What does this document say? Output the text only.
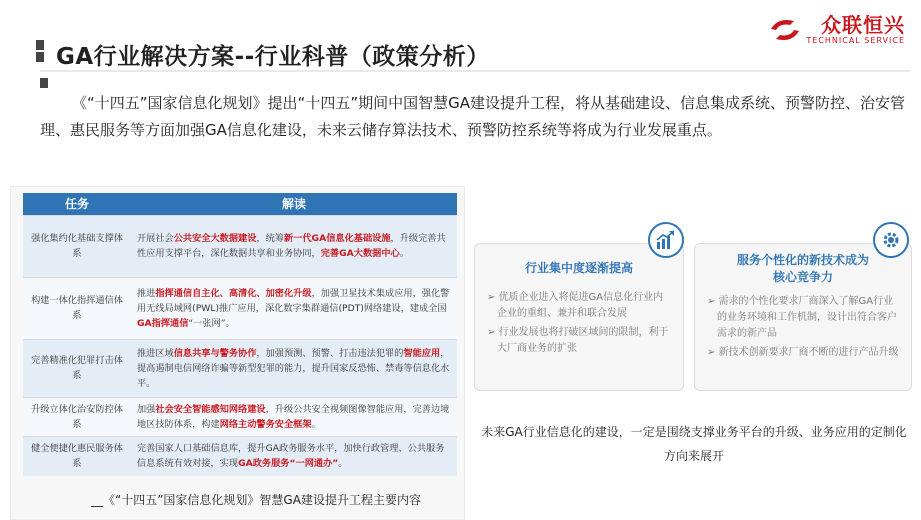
众联恒兴
TECHNICAL SERVICE
GA行业解决方案--行业科普（政策分析）
《“十四五”国家信息化规划》提出“十四五”期间中国智慧GA建设提升工程，将从基础建设、信息集成系统、预警防控、治安管理、惠民服务等方面加强GA信息化建设，未来云储存算法技术、预警防控系统等将成为行业发展重点。
任务	解读
强化集约化基础支撑体系	开展社会公共安全大数据建设，统筹新一代GA信息化基础设施，升级完善共性应用支撑平台，深化数据共享和业务协同，完善GA大数据中心。
构建一体化指挥通信体系	推进指挥通信自主化、高清化、加密化升级，加强卫星技术集成应用，强化警用无线局域网(PWL)推广应用，深化数字集群通信(PDT)网络建设，建成全国GA指挥通信“一张网”。
完善精准化犯罪打击体系	推进区域信息共享与警务协作，加强预测、预警、打击违法犯罪的智能应用，提高遏制电信网络诈骗等新型犯罪的能力，提升国家反恐怖、禁毒等信息化水平。
升级立体化治安防控体系	加强社会安全智能感知网络建设，升级公共安全视频图像智能应用，完善边境地区技防体系，构建网络主动警务安全框架。
健全便捷化惠民服务体系	完善国家人口基础信息库，提升GA政务服务水平，加快行政管理、公共服务信息系统有效对接，实现GA政务服务“一网通办”。
__《“十四五”国家信息化规划》智慧GA建设提升工程主要内容
行业集中度逐渐提高

➢ 优质企业进入将促进GA信息化行业内企业的重组、兼并和联合发展

➢ 行业发展也将打破区域间的限制，利于大厂商业务的扩张

服务个性化的新技术成为
核心竞争力

➢ 需求的个性化要求厂商深入了解GA行业的业务环境和工作机制，设计出符合客户需求的新产品

➢ 新技术创新要求厂商不断的进行产品升级

未来GA行业信息化的建设，一定是围绕支撑业务平台的升级、业务应用的定制化方向来展开
